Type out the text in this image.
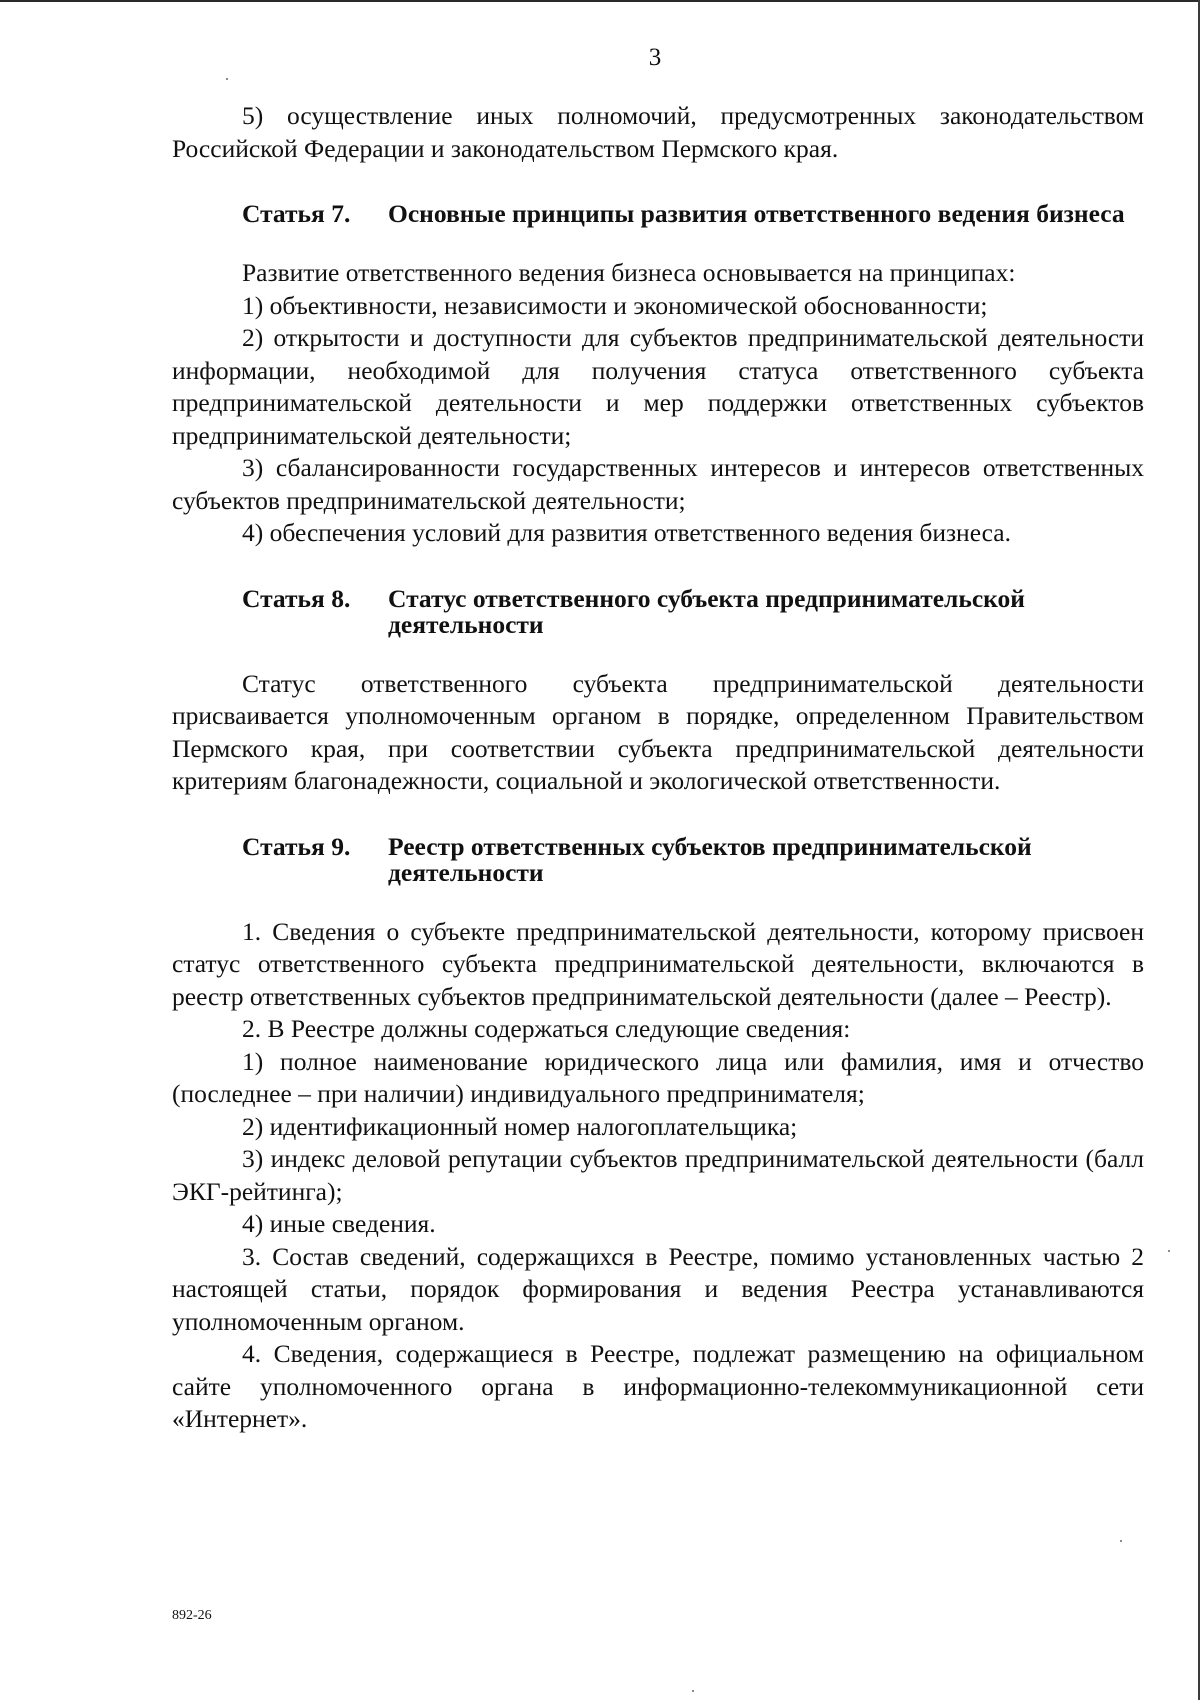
3

5) осуществление иных полномочий, предусмотренных законодательством Российской Федерации и законодательством Пермского края.

Статья 7.	Основные принципы развития ответственного ведения бизнеса

Развитие ответственного ведения бизнеса основывается на принципах:

1) объективности, независимости и экономической обоснованности;

2) открытости и доступности для субъектов предпринимательской деятельности информации, необходимой для получения статуса ответственного субъекта предпринимательской деятельности и мер поддержки ответственных субъектов предпринимательской деятельности;

3) сбалансированности государственных интересов и интересов ответственных субъектов предпринимательской деятельности;

4) обеспечения условий для развития ответственного ведения бизнеса.

Статья 8.	Статус ответственного субъекта предпринимательской деятельности

Статус ответственного субъекта предпринимательской деятельности присваивается уполномоченным органом в порядке, определенном Правительством Пермского края, при соответствии субъекта предпринимательской деятельности критериям благонадежности, социальной и экологической ответственности.

Статья 9.	Реестр ответственных субъектов предпринимательской деятельности

1. Сведения о субъекте предпринимательской деятельности, которому присвоен статус ответственного субъекта предпринимательской деятельности, включаются в реестр ответственных субъектов предпринимательской деятельности (далее – Реестр).

2. В Реестре должны содержаться следующие сведения:

1) полное наименование юридического лица или фамилия, имя и отчество (последнее – при наличии) индивидуального предпринимателя;

2) идентификационный номер налогоплательщика;

3) индекс деловой репутации субъектов предпринимательской деятельности (балл ЭКГ-рейтинга);

4) иные сведения.

3. Состав сведений, содержащихся в Реестре, помимо установленных частью 2 настоящей статьи, порядок формирования и ведения Реестра устанавливаются уполномоченным органом.

4. Сведения, содержащиеся в Реестре, подлежат размещению на официальном сайте уполномоченного органа в информационно-телекоммуникационной сети «Интернет».

892-26
